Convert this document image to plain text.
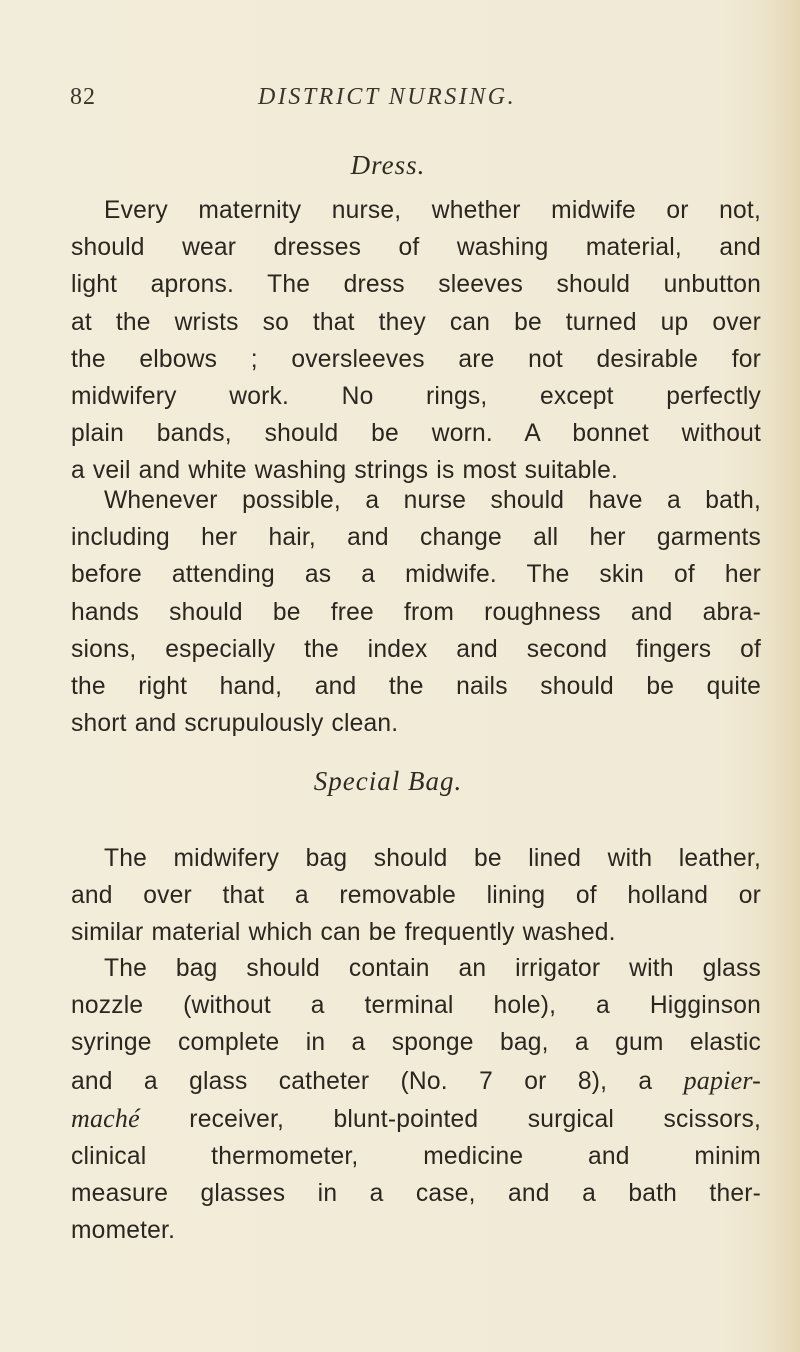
82	DISTRICT NURSING.
Dress.

Every maternity nurse, whether midwife or not,
should wear dresses of washing material, and
light aprons. The dress sleeves should unbutton
at the wrists so that they can be turned up over
the elbows ; oversleeves are not desirable for
midwifery work. No rings, except perfectly
plain bands, should be worn. A bonnet without
a veil and white washing strings is most suitable.

Whenever possible, a nurse should have a bath,
including her hair, and change all her garments
before attending as a midwife. The skin of her
hands should be free from roughness and abra-
sions, especially the index and second fingers of
the right hand, and the nails should be quite
short and scrupulously clean.

Special Bag.

The midwifery bag should be lined with leather,
and over that a removable lining of holland or
similar material which can be frequently washed.

The bag should contain an irrigator with glass
nozzle (without a terminal hole), a Higginson
syringe complete in a sponge bag, a gum elastic
and a glass catheter (No. 7 or 8), a papier-
maché receiver, blunt-pointed surgical scissors,
clinical thermometer, medicine and minim
measure glasses in a case, and a bath ther-
mometer.
